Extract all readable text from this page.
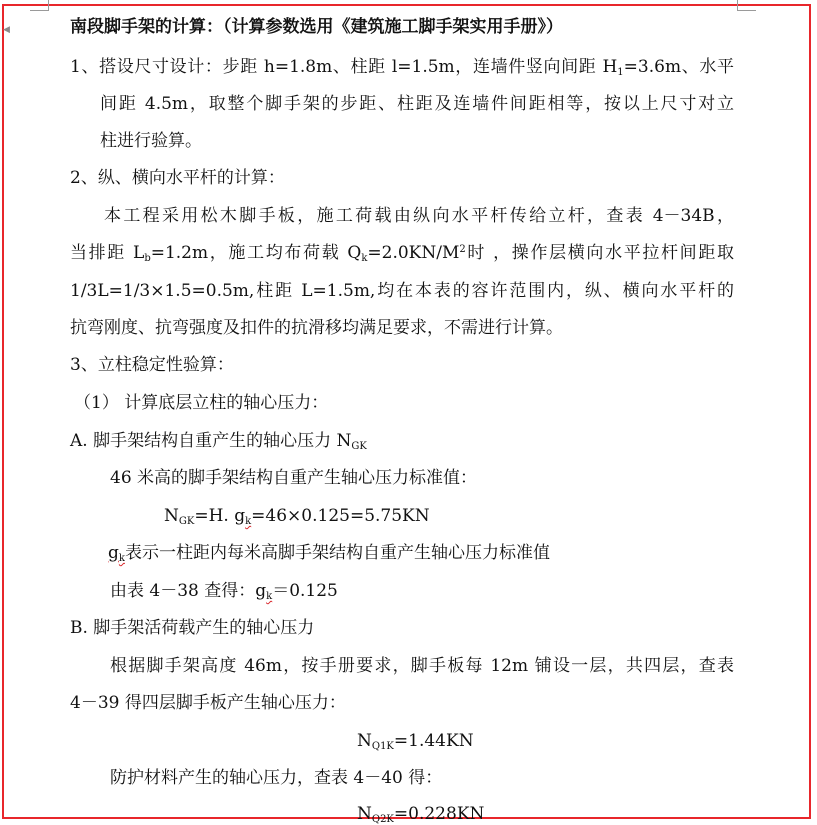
◀	南段脚手架的计算：（计算参数选用《建筑施工脚手架实用手册》）
1、搭设尺寸设计：步距 h=1.8m、柱距 l=1.5m，连墙件竖向间距 $H_1=3.6m$、水平
间距 4.5m，取整个脚手架的步距、柱距及连墙件间距相等，按以上尺寸对立
柱进行验算。
2、纵、横向水平杆的计算：
本工程采用松木脚手板，施工荷载由纵向水平杆传给立杆，查表 4－34B，
当排距 $L_b=1.2m$，施工均布荷载 $Q_k=2.0KN/M^2$时 ，操作层横向水平拉杆间距取
1/3L=1/3×1.5=0.5m,柱距 L=1.5m,均在本表的容许范围内，纵、横向水平杆的
抗弯刚度、抗弯强度及扣件的抗滑移均满足要求，不需进行计算。
3、立柱稳定性验算：
（1） 计算底层立柱的轴心压力：
A. 脚手架结构自重产生的轴心压力 $N_{GK}$
46 米高的脚手架结构自重产生轴心压力标准值：
$N_{GK}=H$. $g_k=46\times 0.125=5.75KN$
$g_k$表示一柱距内每米高脚手架结构自重产生轴心压力标准值
由表 4－38 查得：$g_k=0.125$
B. 脚手架活荷载产生的轴心压力
根据脚手架高度 46m，按手册要求，脚手板每 12m 铺设一层，共四层，查表
4－39 得四层脚手板产生轴心压力：
$N_{Q1K}=1.44KN$
防护材料产生的轴心压力，查表 4－40 得：
$N_{Q2K}=0.228KN$
